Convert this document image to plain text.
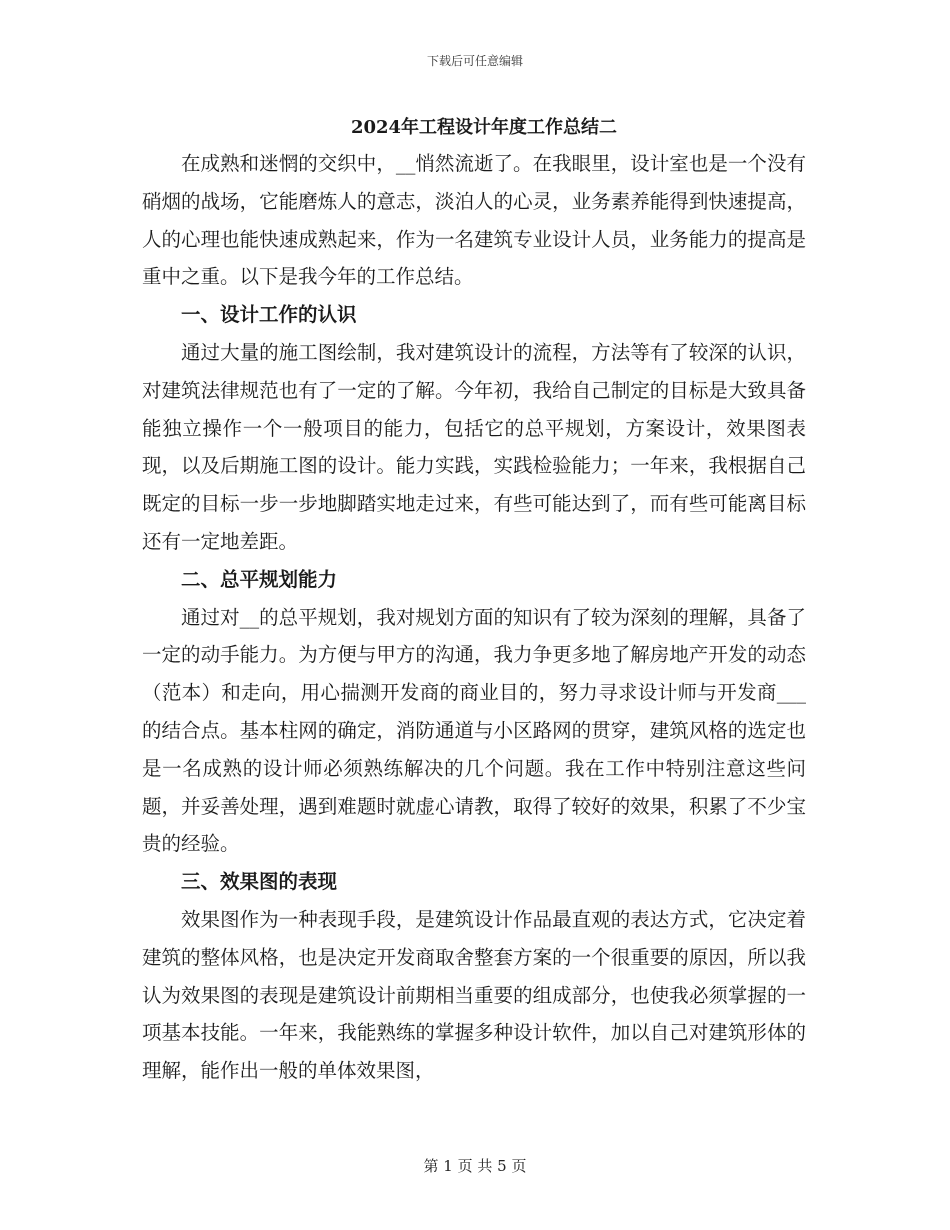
下载后可任意编辑
2024年工程设计年度工作总结二

在成熟和迷惘的交织中，__悄然流逝了。在我眼里，设计室也是一个没有硝烟的战场，它能磨炼人的意志，淡泊人的心灵，业务素养能得到快速提高，人的心理也能快速成熟起来，作为一名建筑专业设计人员，业务能力的提高是重中之重。以下是我今年的工作总结。

一、设计工作的认识

通过大量的施工图绘制，我对建筑设计的流程，方法等有了较深的认识，对建筑法律规范也有了一定的了解。今年初，我给自己制定的目标是大致具备能独立操作一个一般项目的能力，包括它的总平规划，方案设计，效果图表现，以及后期施工图的设计。能力实践，实践检验能力；一年来，我根据自己既定的目标一步一步地脚踏实地走过来，有些可能达到了，而有些可能离目标还有一定地差距。

二、总平规划能力

通过对__的总平规划，我对规划方面的知识有了较为深刻的理解，具备了一定的动手能力。为方便与甲方的沟通，我力争更多地了解房地产开发的动态（范本）和走向，用心揣测开发商的商业目的，努力寻求设计师与开发商___的结合点。基本柱网的确定，消防通道与小区路网的贯穿，建筑风格的选定也是一名成熟的设计师必须熟练解决的几个问题。我在工作中特别注意这些问题，并妥善处理，遇到难题时就虚心请教，取得了较好的效果，积累了不少宝贵的经验。

三、效果图的表现

效果图作为一种表现手段，是建筑设计作品最直观的表达方式，它决定着建筑的整体风格，也是决定开发商取舍整套方案的一个很重要的原因，所以我认为效果图的表现是建筑设计前期相当重要的组成部分，也使我必须掌握的一项基本技能。一年来，我能熟练的掌握多种设计软件，加以自己对建筑形体的理解，能作出一般的单体效果图，

第 1 页 共 5 页
